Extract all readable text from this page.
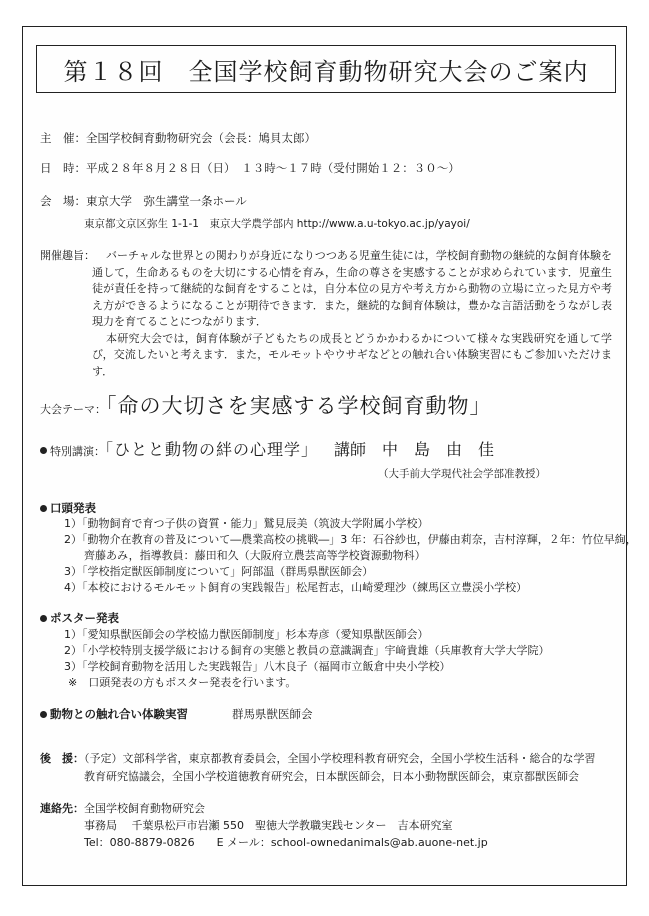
第１８回　全国学校飼育動物研究大会のご案内
主　催：全国学校飼育動物研究会（会長：鳩貝太郎）
日　時：平成２８年８月２８日（日）　１３時～１７時（受付開始１２：３０～）
会　場：東京大学　弥生講堂一条ホール
東京都文京区弥生 1-1-1　東京大学農学部内 http://www.a.u-tokyo.ac.jp/yayoi/
開催趣旨：	バーチャルな世界との関わりが身近になりつつある児童生徒には，学校飼育動物の継続的な飼育体験を通して，生命あるものを大切にする心情を育み，生命の尊さを実感することが求められています．児童生徒が責任を持って継続的な飼育をすることは，自分本位の見方や考え方から動物の立場に立った見方や考え方ができるようになることが期待できます．また，継続的な飼育体験は，豊かな言語活動をうながし表現力を育てることにつながります．
本研究大会では，飼育体験が子どもたちの成長とどうかかわるかについて様々な実践研究を通して学び，交流したいと考えます．また，モルモットやウサギなどとの触れ合い体験実習にもご参加いただけます．
大会テーマ：「命の大切さを実感する学校飼育動物」
特別講演：「ひとと動物の絆の心理学」 講師 中島由佳
（大手前大学現代社会学部准教授）
口頭発表
1）「動物飼育で育つ子供の資質・能力」鷲見辰美（筑波大学附属小学校）
2）「動物介在教育の普及について―農業高校の挑戦―」3 年：石谷紗也，伊藤由莉奈，吉村淳輝，２年：竹位早絢，
齊藤あみ，指導教員：藤田和久（大阪府立農芸高等学校資源動物科）
3）「学校指定獣医師制度について」阿部温（群馬県獣医師会）
4）「本校におけるモルモット飼育の実践報告」松尾哲志，山崎愛理沙（練馬区立豊渓小学校）
ポスター発表
1）「愛知県獣医師会の学校協力獣医師制度」杉本寿彦（愛知県獣医師会）
2）「小学校特別支援学級における飼育の実態と教員の意識調査」宇﨑貴雄（兵庫教育大学大学院）
3）「学校飼育動物を活用した実践報告」八木良子（福岡市立飯倉中央小学校）
※　口頭発表の方もポスター発表を行います。
動物との触れ合い体験実習	群馬県獣医師会
後　援：（予定）文部科学省，東京都教育委員会，全国小学校理科教育研究会，全国小学校生活科・総合的な学習
教育研究協議会，全国小学校道徳教育研究会，日本獣医師会，日本小動物獣医師会，東京都獣医師会
連絡先：全国学校飼育動物研究会
事務局　 千葉県松戸市岩瀬 550　聖徳大学教職実践センター　吉本研究室
Tel：080-8879-0826　　E メール：school-ownedanimals@ab.auone-net.jp
